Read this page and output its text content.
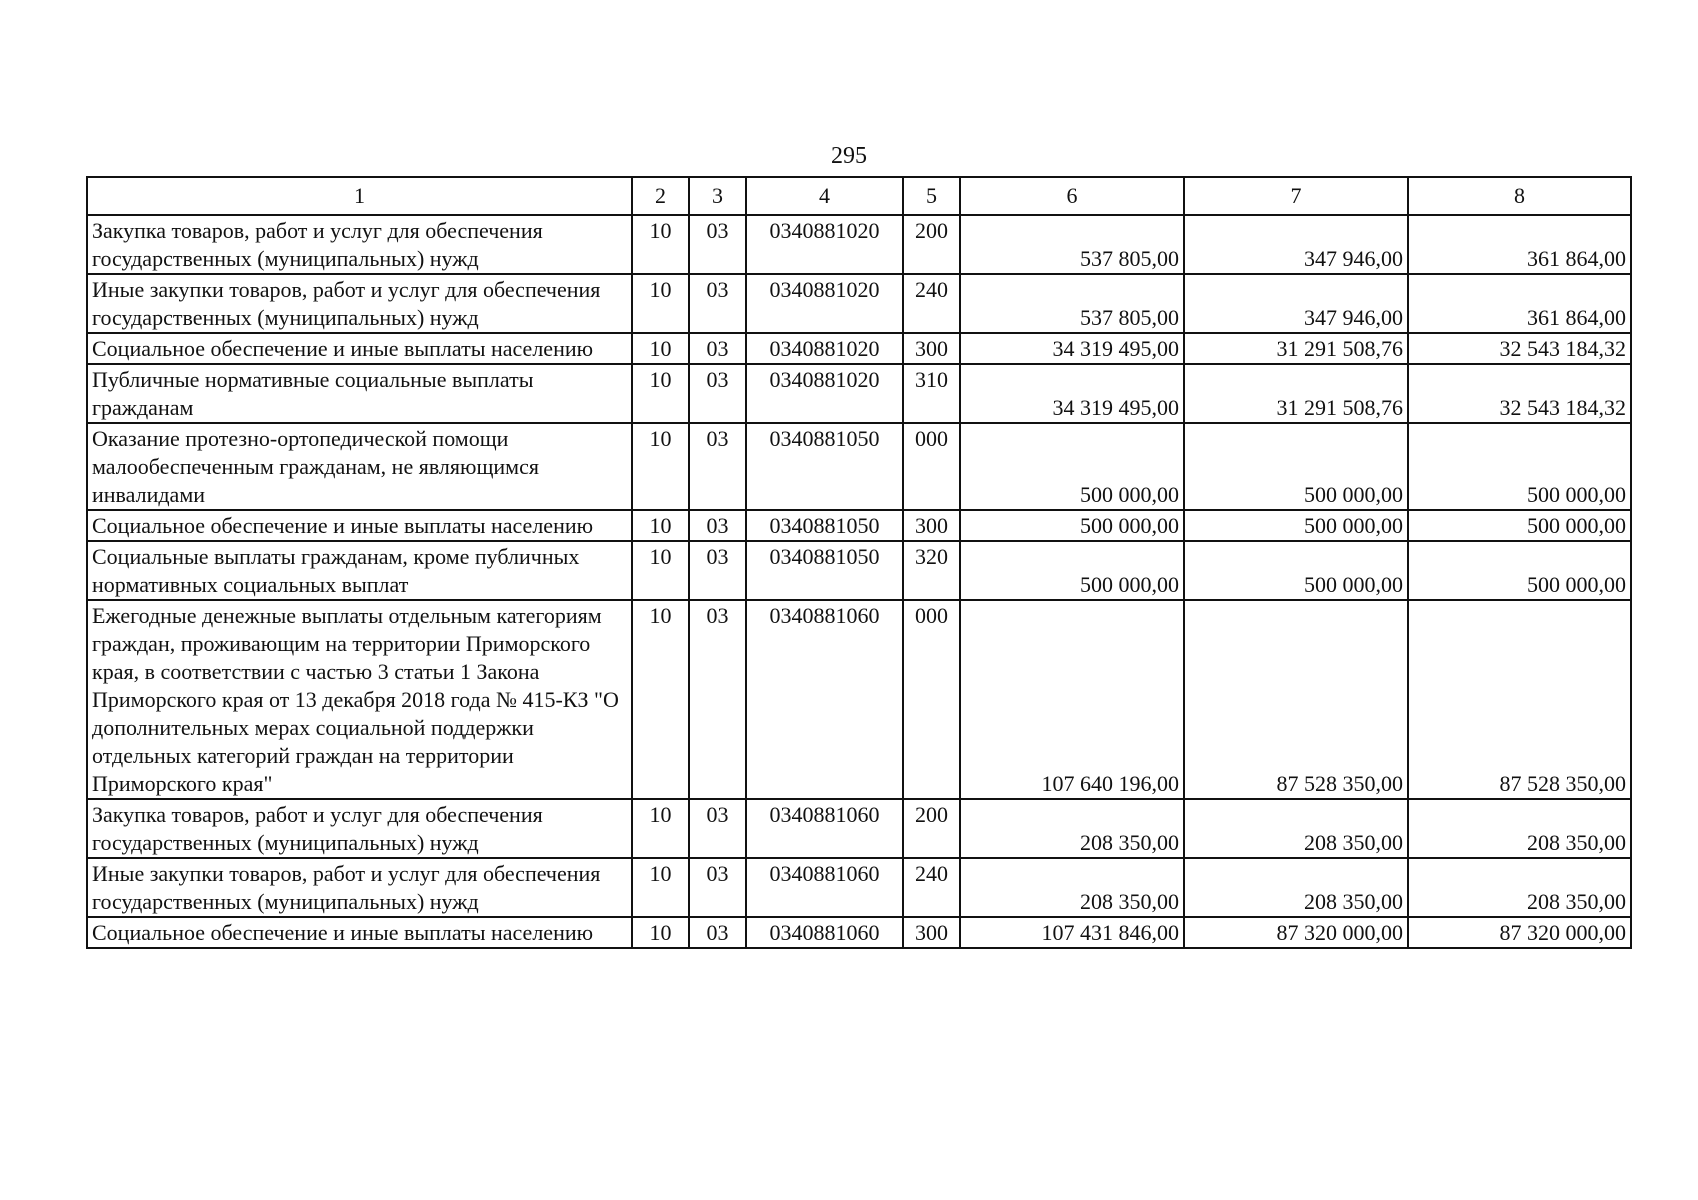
295
1	2	3	4	5	6	7	8
Закупка товаров, работ и услуг для обеспечения государственных (муниципальных) нужд	10	03	0340881020	200	537 805,00	347 946,00	361 864,00
Иные закупки товаров, работ и услуг для обеспечения государственных (муниципальных) нужд	10	03	0340881020	240	537 805,00	347 946,00	361 864,00
Социальное обеспечение и иные выплаты населению	10	03	0340881020	300	34 319 495,00	31 291 508,76	32 543 184,32
Публичные нормативные социальные выплаты гражданам	10	03	0340881020	310	34 319 495,00	31 291 508,76	32 543 184,32
Оказание протезно-ортопедической помощи малообеспеченным гражданам, не являющимся инвалидами	10	03	0340881050	000	500 000,00	500 000,00	500 000,00
Социальное обеспечение и иные выплаты населению	10	03	0340881050	300	500 000,00	500 000,00	500 000,00
Социальные выплаты гражданам, кроме публичных нормативных социальных выплат	10	03	0340881050	320	500 000,00	500 000,00	500 000,00
Ежегодные денежные выплаты отдельным категориям граждан, проживающим на территории Приморского края, в соответствии с частью 3 статьи 1 Закона Приморского края от 13 декабря 2018 года № 415-КЗ "О дополнительных мерах социальной поддержки отдельных категорий граждан на территории Приморского края"	10	03	0340881060	000	107 640 196,00	87 528 350,00	87 528 350,00
Закупка товаров, работ и услуг для обеспечения государственных (муниципальных) нужд	10	03	0340881060	200	208 350,00	208 350,00	208 350,00
Иные закупки товаров, работ и услуг для обеспечения государственных (муниципальных) нужд	10	03	0340881060	240	208 350,00	208 350,00	208 350,00
Социальное обеспечение и иные выплаты населению	10	03	0340881060	300	107 431 846,00	87 320 000,00	87 320 000,00
